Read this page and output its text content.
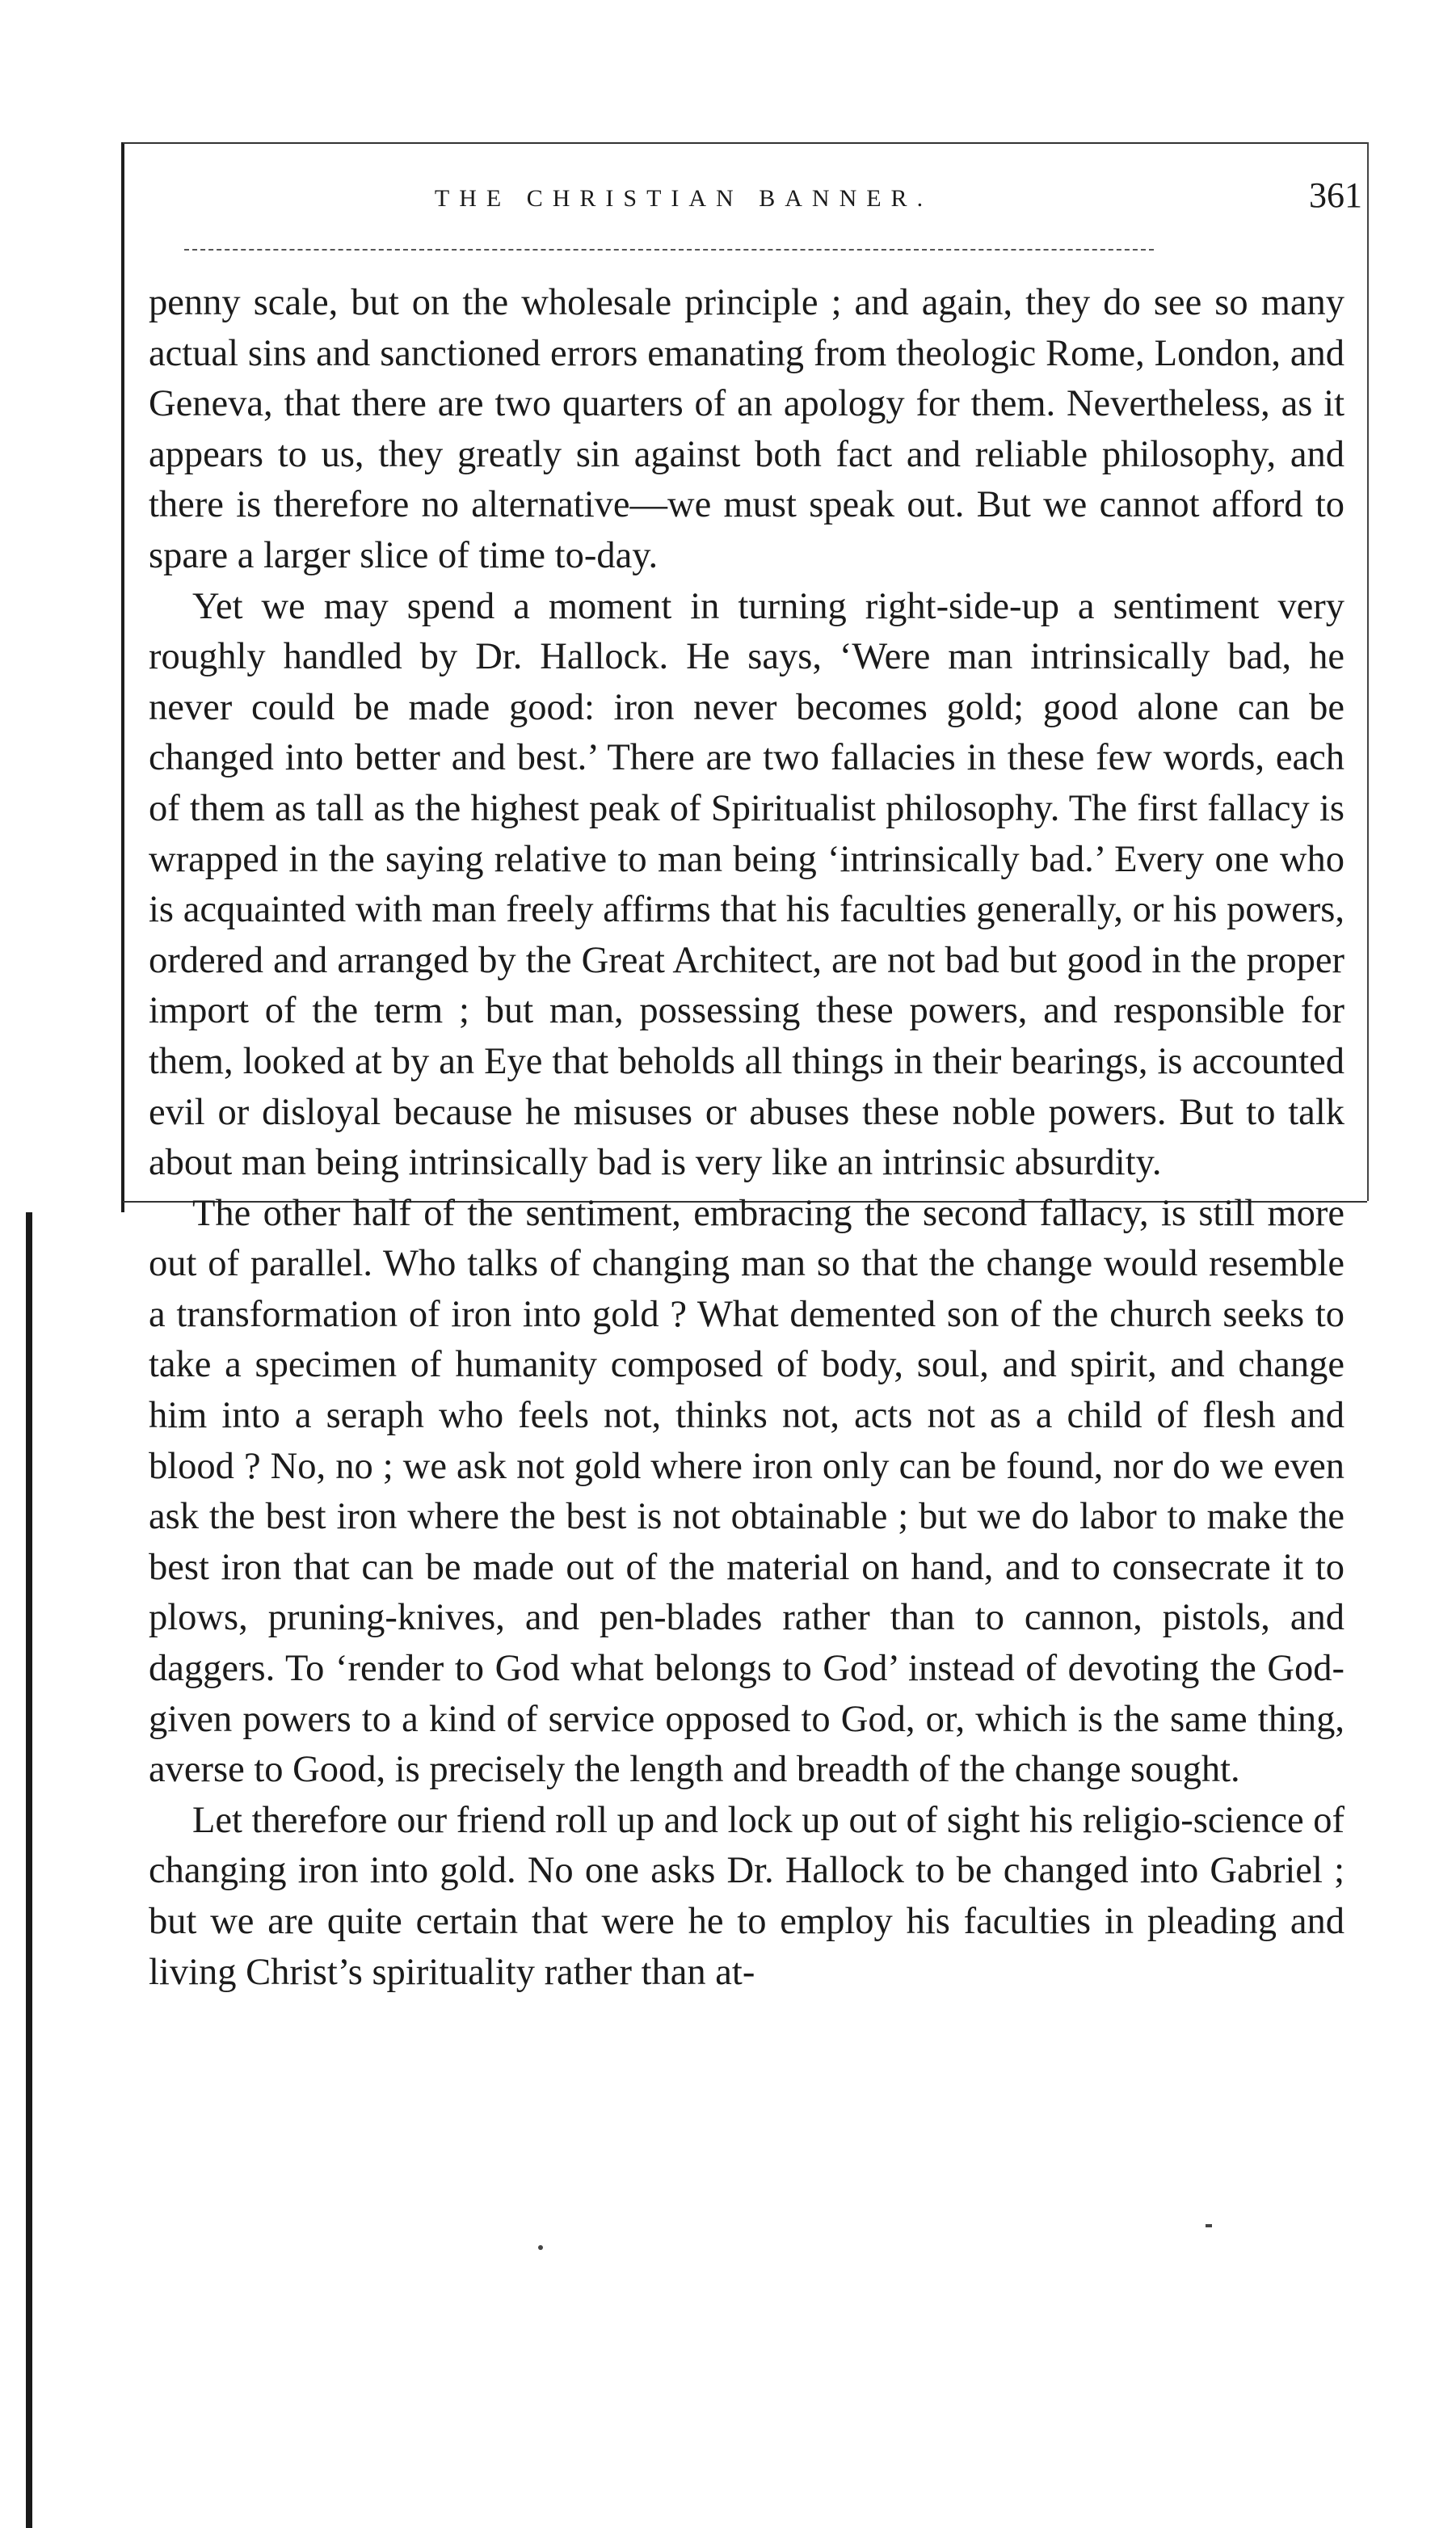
THE CHRISTIAN BANNER.	361

penny scale, but on the wholesale principle ; and again, they do see so many actual sins and sanctioned errors emanating from theologic Rome, London, and Geneva, that there are two quarters of an apology for them. Nevertheless, as it appears to us, they greatly sin against both fact and reliable philosophy, and there is therefore no alternative—we must speak out. But we cannot afford to spare a larger slice of time to-day.

Yet we may spend a moment in turning right-side-up a sentiment very roughly handled by Dr. Hallock. He says, ‘Were man intrinsically bad, he never could be made good: iron never becomes gold; good alone can be changed into better and best.’ There are two fallacies in these few words, each of them as tall as the highest peak of Spiritualist philosophy. The first fallacy is wrapped in the saying relative to man being ‘intrinsically bad.’ Every one who is acquainted with man freely affirms that his faculties generally, or his powers, ordered and arranged by the Great Architect, are not bad but good in the proper import of the term ; but man, possessing these powers, and responsible for them, looked at by an Eye that beholds all things in their bearings, is accounted evil or disloyal because he misuses or abuses these noble powers. But to talk about man being intrinsically bad is very like an intrinsic absurdity.

The other half of the sentiment, embracing the second fallacy, is still more out of parallel. Who talks of changing man so that the change would resemble a transformation of iron into gold ? What demented son of the church seeks to take a specimen of humanity composed of body, soul, and spirit, and change him into a seraph who feels not, thinks not, acts not as a child of flesh and blood ? No, no ; we ask not gold where iron only can be found, nor do we even ask the best iron where the best is not obtainable ; but we do labor to make the best iron that can be made out of the material on hand, and to consecrate it to plows, pruning-knives, and pen-blades rather than to cannon, pistols, and daggers. To ‘render to God what belongs to God’ instead of devoting the God-given powers to a kind of service opposed to God, or, which is the same thing, averse to Good, is precisely the length and breadth of the change sought.

Let therefore our friend roll up and lock up out of sight his religio-science of changing iron into gold. No one asks Dr. Hallock to be changed into Gabriel ; but we are quite certain that were he to employ his faculties in pleading and living Christ’s spirituality rather than at-
